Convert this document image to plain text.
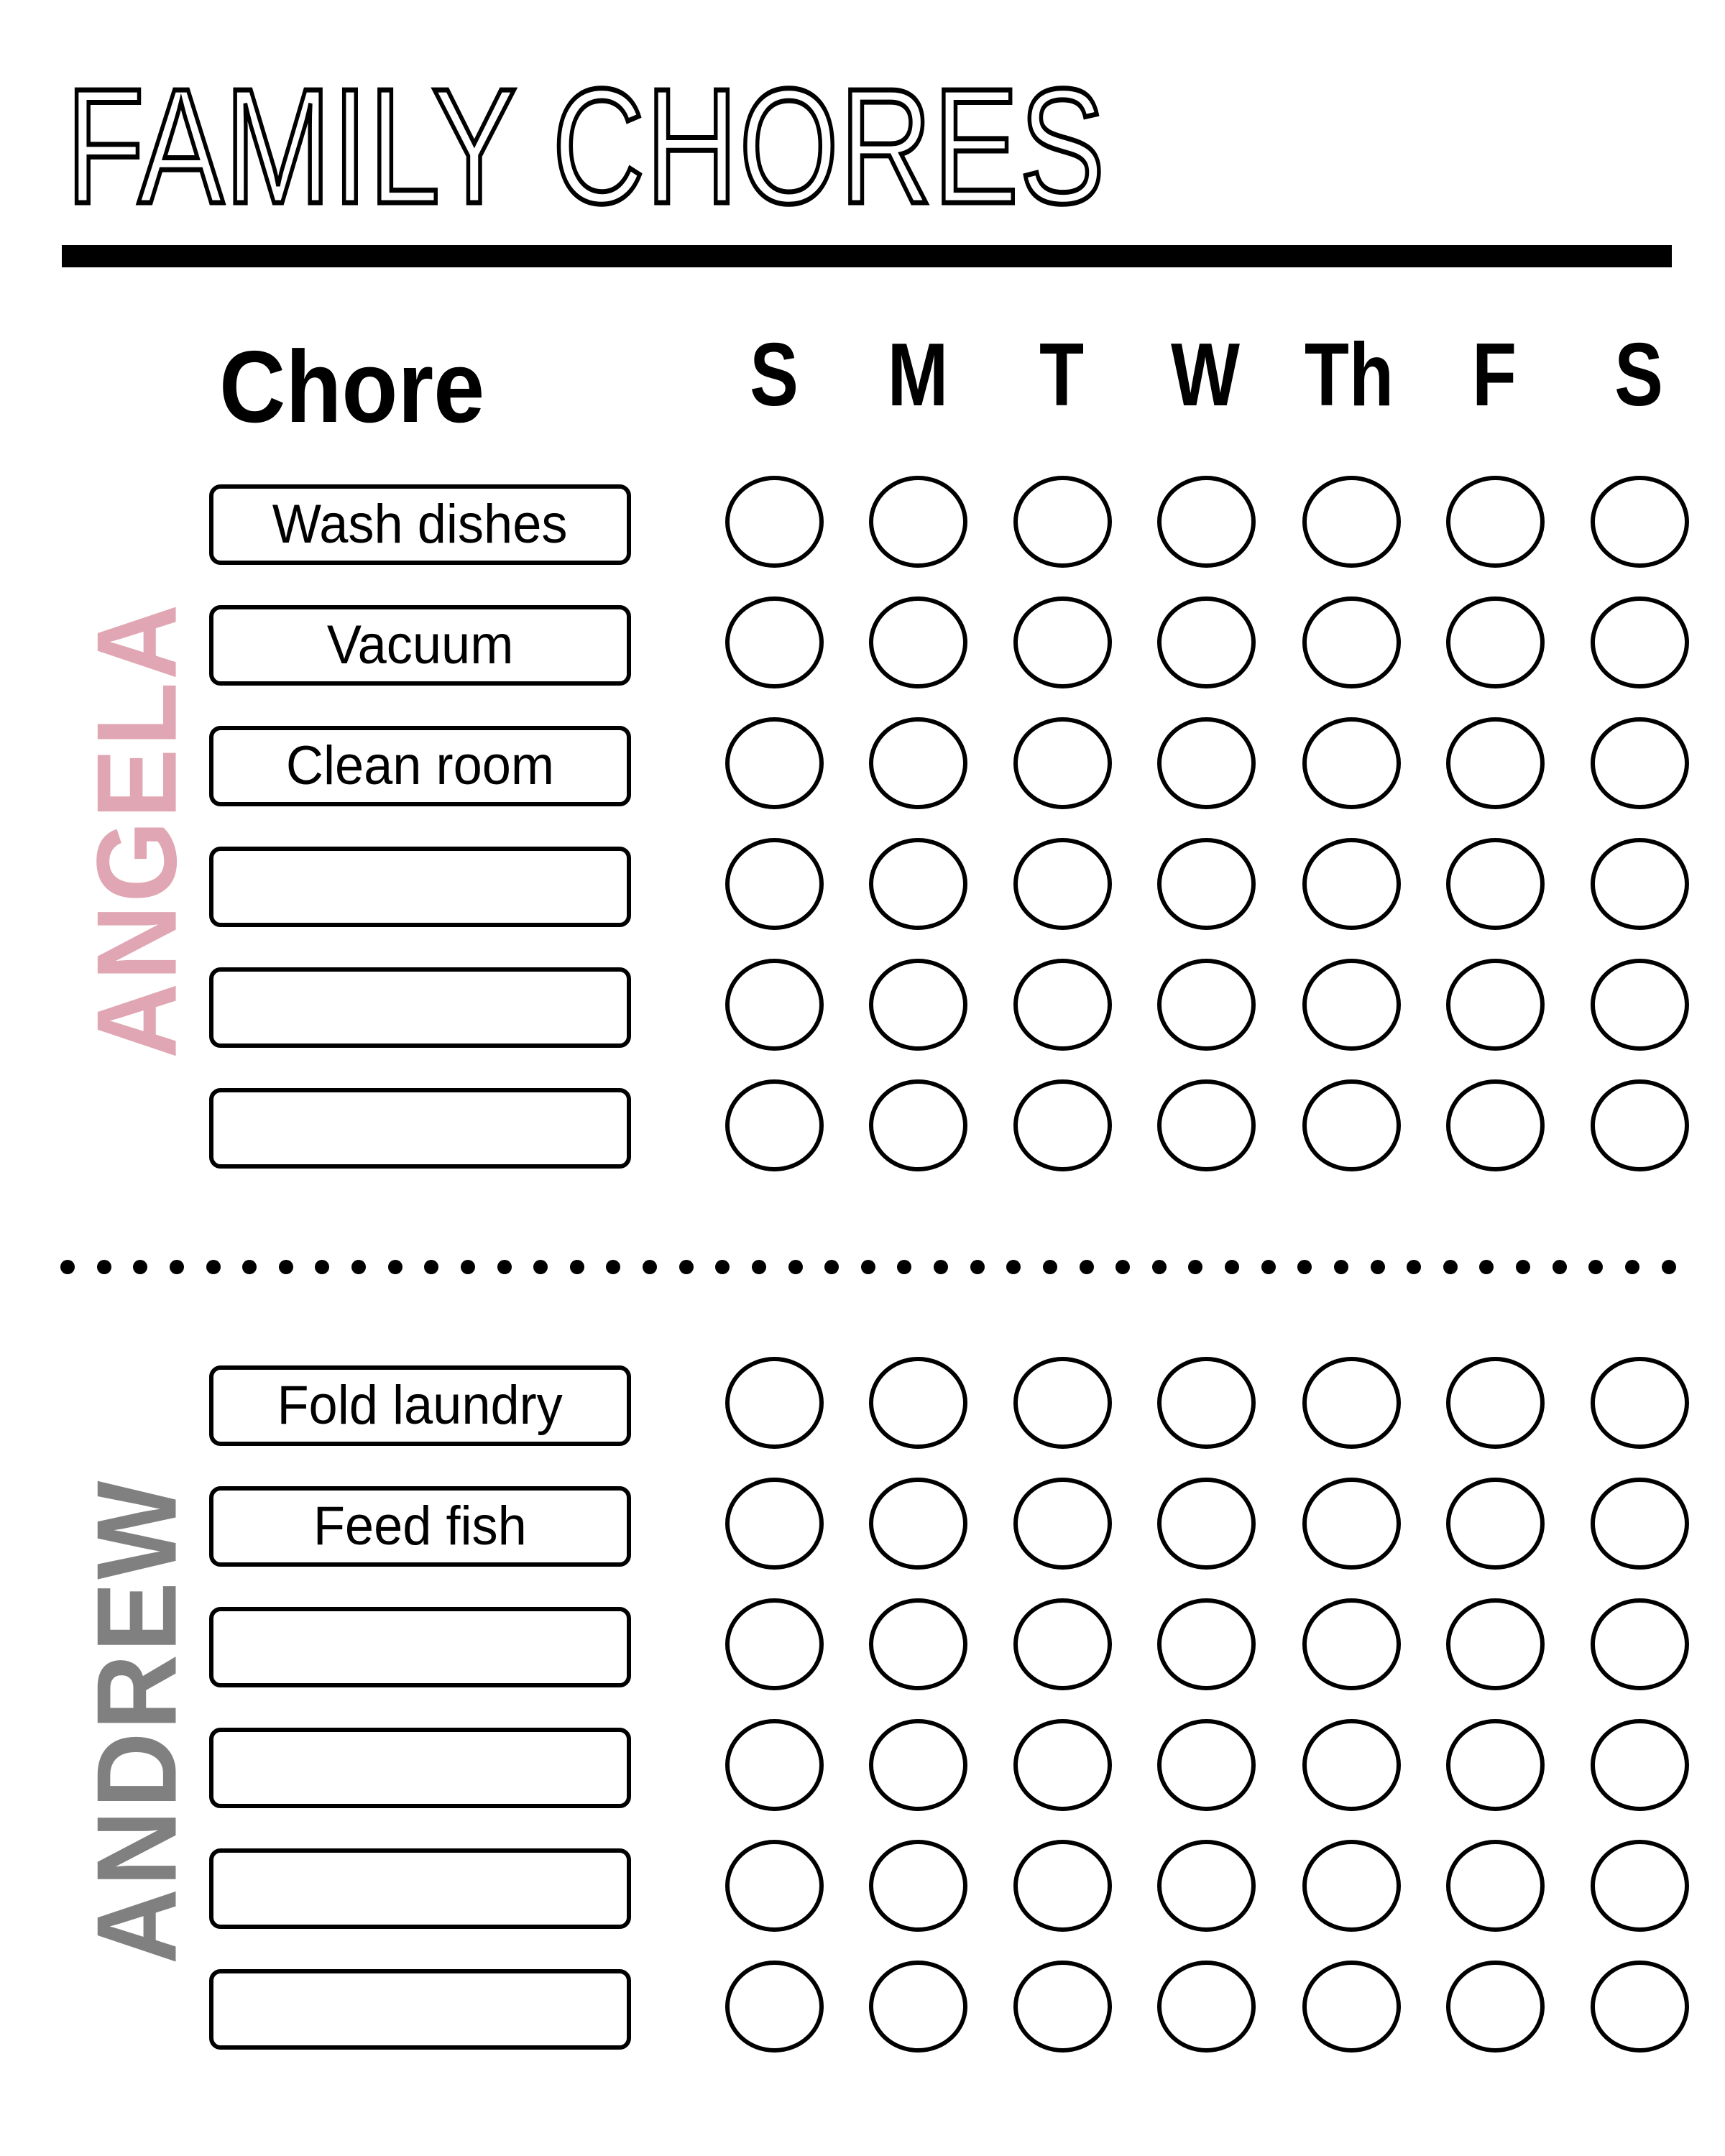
FAMILY CHORES
Chore	S M T W Th F S
ANGELA
Wash dishes
Vacuum
Clean room
ANDREW
Fold laundry
Feed fish
